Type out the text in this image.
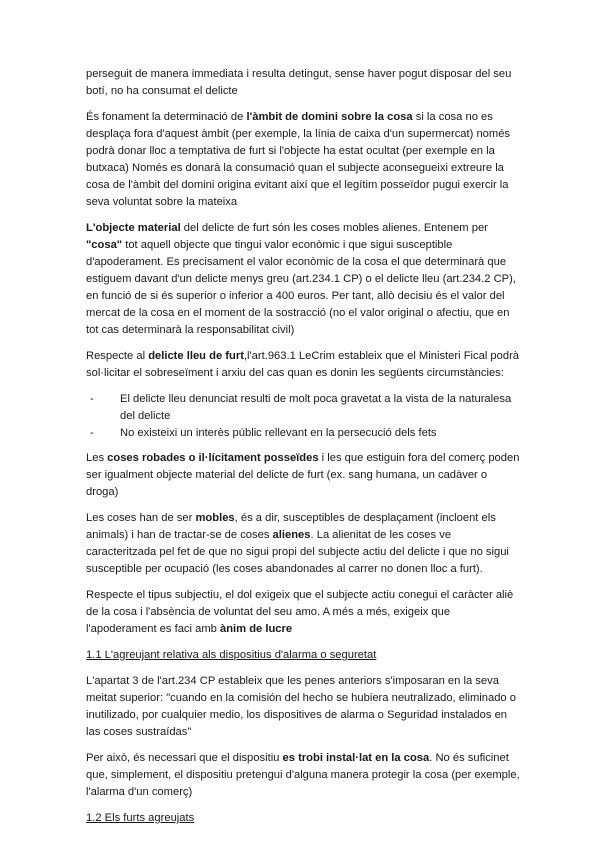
perseguit de manera immediata i resulta detingut, sense haver pogut disposar del seu botí, no ha consumat el delicte

És fonament la determinació de l'àmbit de domini sobre la cosa si la cosa no es desplaça fora d'aquest àmbit (per exemple, la línia de caixa d'un supermercat) només podrà donar lloc a temptativa de furt si l'objecte ha estat ocultat (per exemple en la butxaca) Només es donarà la consumació quan el subjecte aconsegueixi extreure la cosa de l'àmbit del domini origina evitant així que el legítim posseïdor pugui exercir la seva voluntat sobre la mateixa

L'objecte material del delicte de furt són les coses mobles alienes. Entenem per "cosa" tot aquell objecte que tingui valor econòmic i que sigui susceptible d'apoderament. Es precisament el valor econòmic de la cosa el que determinarà que estiguem davant d'un delicte menys greu (art.234.1 CP) o el delicte lleu (art.234.2 CP), en funció de si és superior o inferior a 400 euros. Per tant, allò decisiu és el valor del mercat de la cosa en el moment de la sostracció (no el valor original o afectiu, que en tot cas determinarà la responsabilitat civil)

Respecte al delicte lleu de furt,l'art.963.1 LeCrim estableix que el Ministeri Fical podrà sol·licitar el sobreseïment i arxiu del cas quan es donin les següents circumstàncies:

- El delicte lleu denunciat resulti de molt poca gravetat a la vista de la naturalesa del delicte
- No existeixi un interès públic rellevant en la persecució dels fets

Les coses robades o il·lícitament posseïdes i les que estiguin fora del comerç poden ser igualment objecte material del delicte de furt (ex. sang humana, un cadàver o droga)

Les coses han de ser mobles, és a dir, susceptibles de desplaçament (incloent els animals) i han de tractar-se de coses alienes. La alienitat de les coses ve caracteritzada pel fet de que no sigui propi del subjecte actiu del delicte i que no sigui susceptible per ocupació (les coses abandonades al carrer no donen lloc a furt).

Respecte el tipus subjectiu, el dol exigeix que el subjecte actiu conegui el caràcter aliè de la cosa i l'absència de voluntat del seu amo. A més a més, exigeix que l'apoderament es faci amb ànim de lucre

1.1 L'agreujant relativa als dispositius d'alarma o seguretat

L'apartat 3 de l'art.234 CP estableix que les penes anteriors s'imposaran en la seva meitat superior: "cuando en la comisión del hecho se hubiera neutralizado, eliminado o inutilizado, por cualquier medio, los dispositives de alarma o Seguridad instalados en las coses sustraídas"

Per això, és necessari que el dispositiu es trobi instal·lat en la cosa. No és suficinet que, simplement, el dispositiu pretengui d'alguna manera protegir la cosa (per exemple, l'alarma d'un comerç)

1.2 Els furts agreujats
